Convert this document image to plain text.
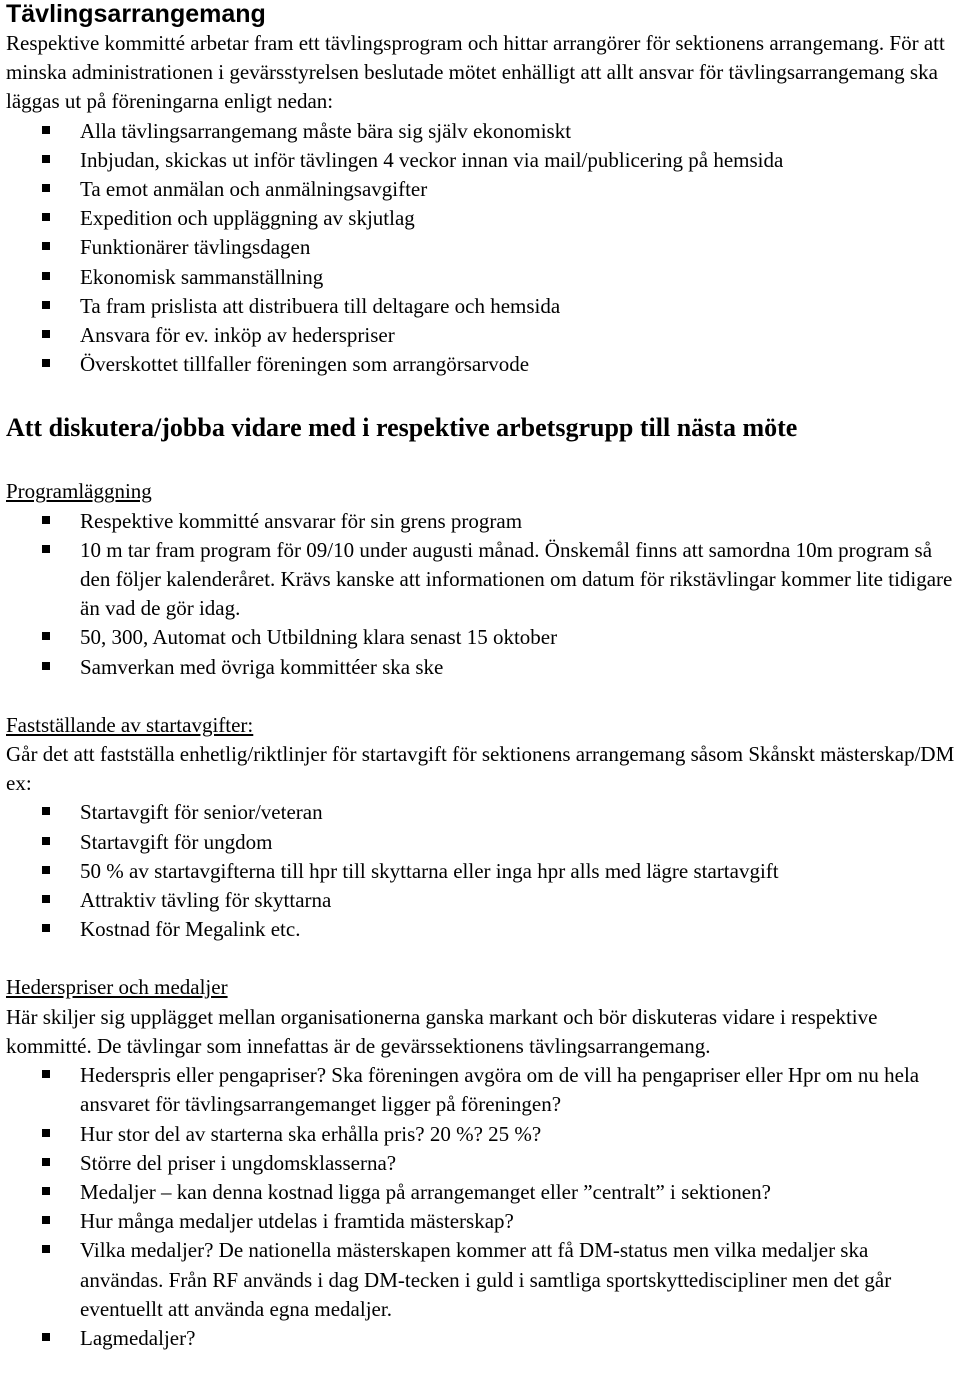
Tävlingsarrangemang

Respektive kommitté arbetar fram ett tävlingsprogram och hittar arrangörer för sektionens arrangemang. För att minska administrationen i gevärsstyrelsen beslutade mötet enhälligt att allt ansvar för tävlingsarrangemang ska läggas ut på föreningarna enligt nedan:

Alla tävlingsarrangemang måste bära sig själv ekonomiskt
Inbjudan, skickas ut inför tävlingen 4 veckor innan via mail/publicering på hemsida
Ta emot anmälan och anmälningsavgifter
Expedition och uppläggning av skjutlag
Funktionärer tävlingsdagen
Ekonomisk sammanställning
Ta fram prislista att distribuera till deltagare och hemsida
Ansvara för ev. inköp av hederspriser
Överskottet tillfaller föreningen som arrangörsarvode
Att diskutera/jobba vidare med i respektive arbetsgrupp till nästa möte

Programläggning

Respektive kommitté ansvarar för sin grens program
10 m tar fram program för 09/10 under augusti månad. Önskemål finns att samordna 10m program så den följer kalenderåret. Krävs kanske att informationen om datum för rikstävlingar kommer lite tidigare än vad de gör idag.
50, 300, Automat och Utbildning klara senast 15 oktober
Samverkan med övriga kommittéer ska ske

Fastställande av startavgifter:

Går det att fastställa enhetlig/riktlinjer för startavgift för sektionens arrangemang såsom Skånskt mästerskap/DM ex:

Startavgift för senior/veteran
Startavgift för ungdom
50 % av startavgifterna till hpr till skyttarna eller inga hpr alls med lägre startavgift
Attraktiv tävling för skyttarna
Kostnad för Megalink etc.

Hederspriser och medaljer

Här skiljer sig upplägget mellan organisationerna ganska markant och bör diskuteras vidare i respektive kommitté. De tävlingar som innefattas är de gevärssektionens tävlingsarrangemang.

Hederspris eller pengapriser? Ska föreningen avgöra om de vill ha pengapriser eller Hpr om nu hela ansvaret för tävlingsarrangemanget ligger på föreningen?
Hur stor del av starterna ska erhålla pris? 20 %? 25 %?
Större del priser i ungdomsklasserna?
Medaljer – kan denna kostnad ligga på arrangemanget eller ”centralt” i sektionen?
Hur många medaljer utdelas i framtida mästerskap?
Vilka medaljer? De nationella mästerskapen kommer att få DM-status men vilka medaljer ska användas. Från RF används i dag DM-tecken i guld i samtliga sportskyttediscipliner men det går eventuellt att använda egna medaljer.
Lagmedaljer?
